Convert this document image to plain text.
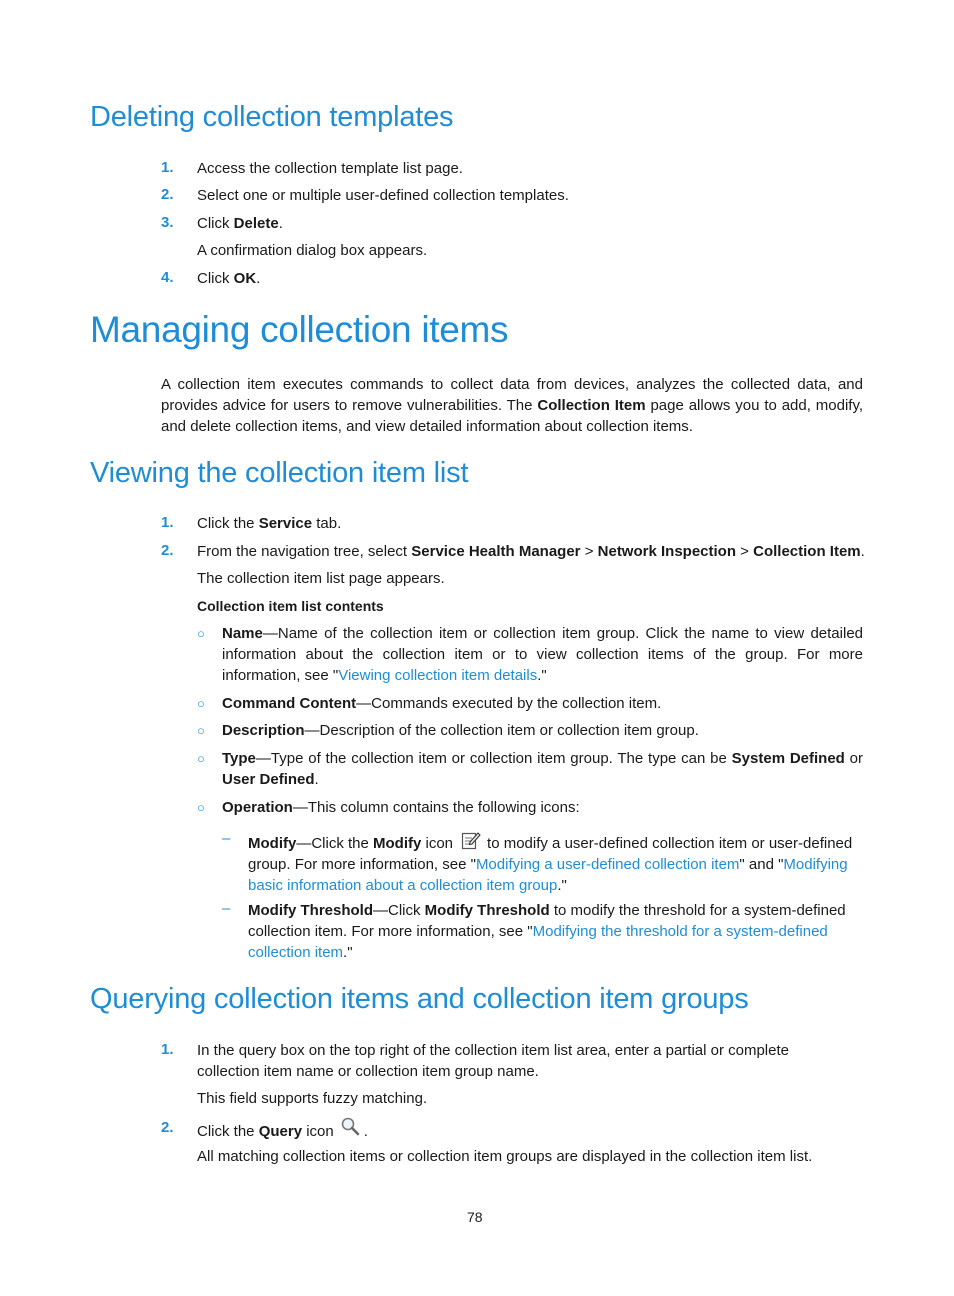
Deleting collection templates
1. Access the collection template list page.
2. Select one or multiple user-defined collection templates.
3. Click Delete.
A confirmation dialog box appears.
4. Click OK.
Managing collection items
A collection item executes commands to collect data from devices, analyzes the collected data, and provides advice for users to remove vulnerabilities. The Collection Item page allows you to add, modify, and delete collection items, and view detailed information about collection items.
Viewing the collection item list
1. Click the Service tab.
2. From the navigation tree, select Service Health Manager > Network Inspection > Collection Item.
The collection item list page appears.
Collection item list contents
○ Name—Name of the collection item or collection item group. Click the name to view detailed information about the collection item or to view collection items of the group. For more information, see "Viewing collection item details."
○ Command Content—Commands executed by the collection item.
○ Description—Description of the collection item or collection item group.
○ Type—Type of the collection item or collection item group. The type can be System Defined or User Defined.
○ Operation—This column contains the following icons:
– Modify—Click the Modify icon to modify a user-defined collection item or user-defined group. For more information, see "Modifying a user-defined collection item" and "Modifying basic information about a collection item group."
– Modify Threshold—Click Modify Threshold to modify the threshold for a system-defined collection item. For more information, see "Modifying the threshold for a system-defined collection item."
Querying collection items and collection item groups
1. In the query box on the top right of the collection item list area, enter a partial or complete collection item name or collection item group name.
This field supports fuzzy matching.
2. Click the Query icon .
All matching collection items or collection item groups are displayed in the collection item list.
78
